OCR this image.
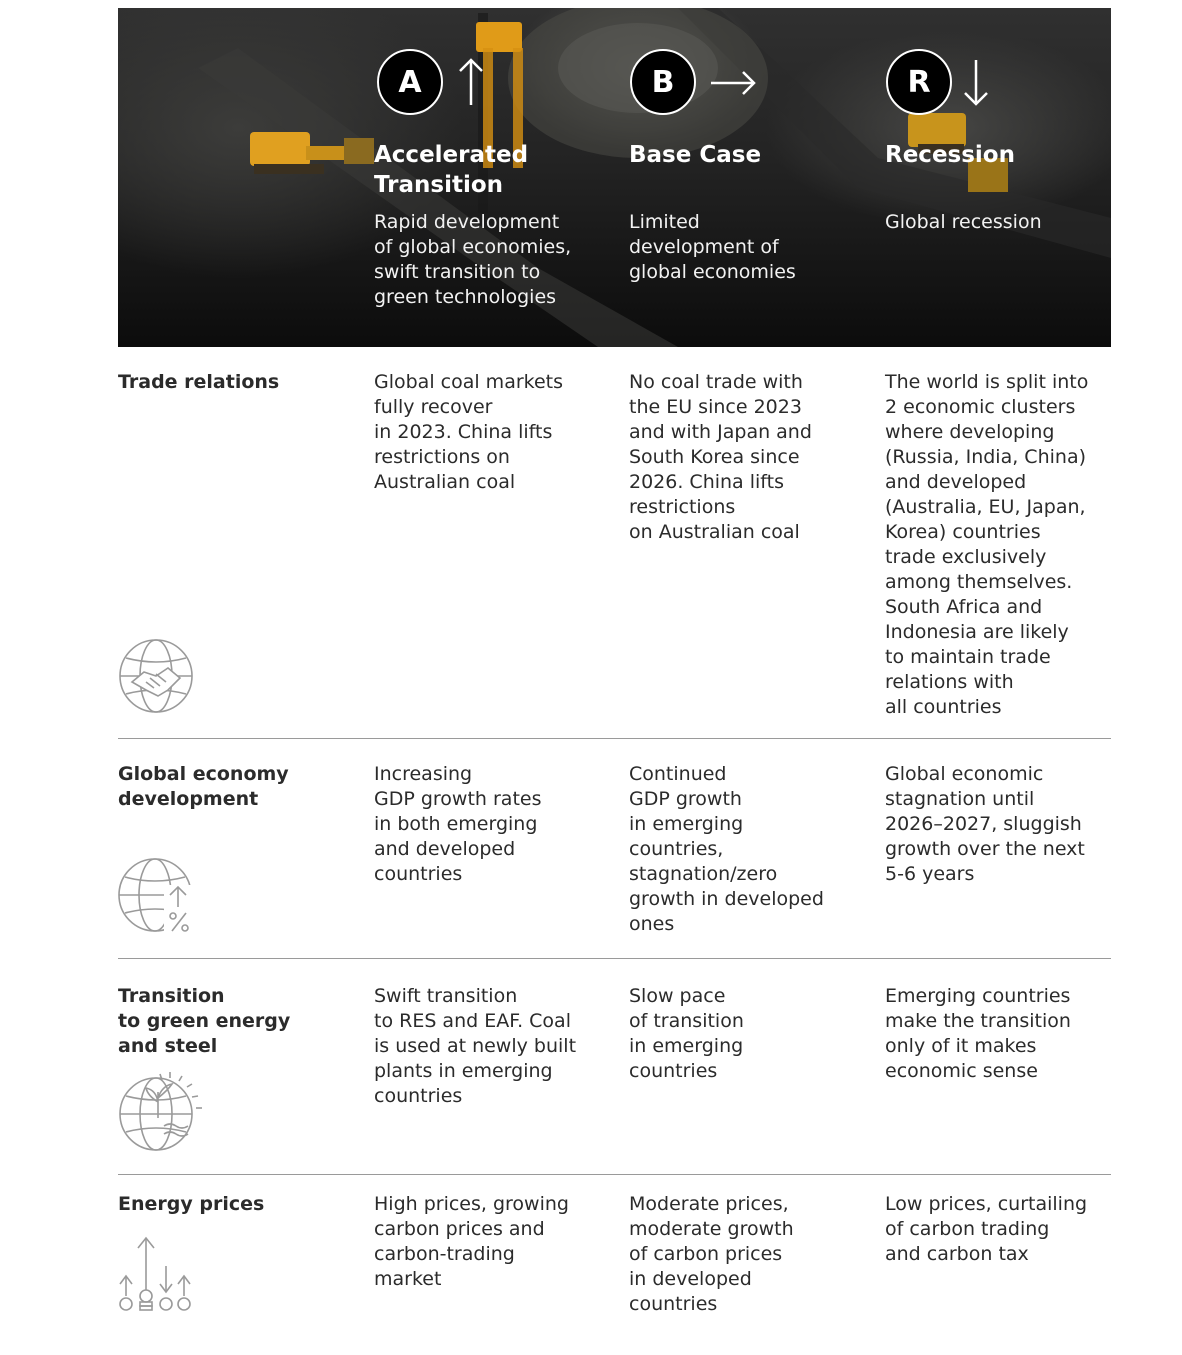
A
Accelerated
Transition
Rapid development
of global economies,
swift transition to
green technologies
B
Base Case
Limited
development of
global economies
R
Recession
Global recession
Trade relations	Global coal markets
fully recover
in 2023. China lifts
restrictions on
Australian coal
No coal trade with
the EU since 2023
and with Japan and
South Korea since
2026. China lifts
restrictions
on Australian coal
The world is split into
2 economic clusters
where developing
(Russia, India, China)
and developed
(Australia, EU, Japan,
Korea) countries
trade exclusively
among themselves.
South Africa and
Indonesia are likely
to maintain trade
relations with
all countries
Global economy
development
Increasing
GDP growth rates
in both emerging
and developed
countries
Continued
GDP growth
in emerging
countries,
stagnation/zero
growth in developed
ones
Global economic
stagnation until
2026–2027, sluggish
growth over the next
5-6 years
Transition
to green energy
and steel
Swift transition
to RES and EAF. Coal
is used at newly built
plants in emerging
countries
Slow pace
of transition
in emerging
countries
Emerging countries
make the transition
only of it makes
economic sense
Energy prices	High prices, growing
carbon prices and
carbon-trading
market
Moderate prices,
moderate growth
of carbon prices
in developed
countries
Low prices, curtailing
of carbon trading
and carbon tax
